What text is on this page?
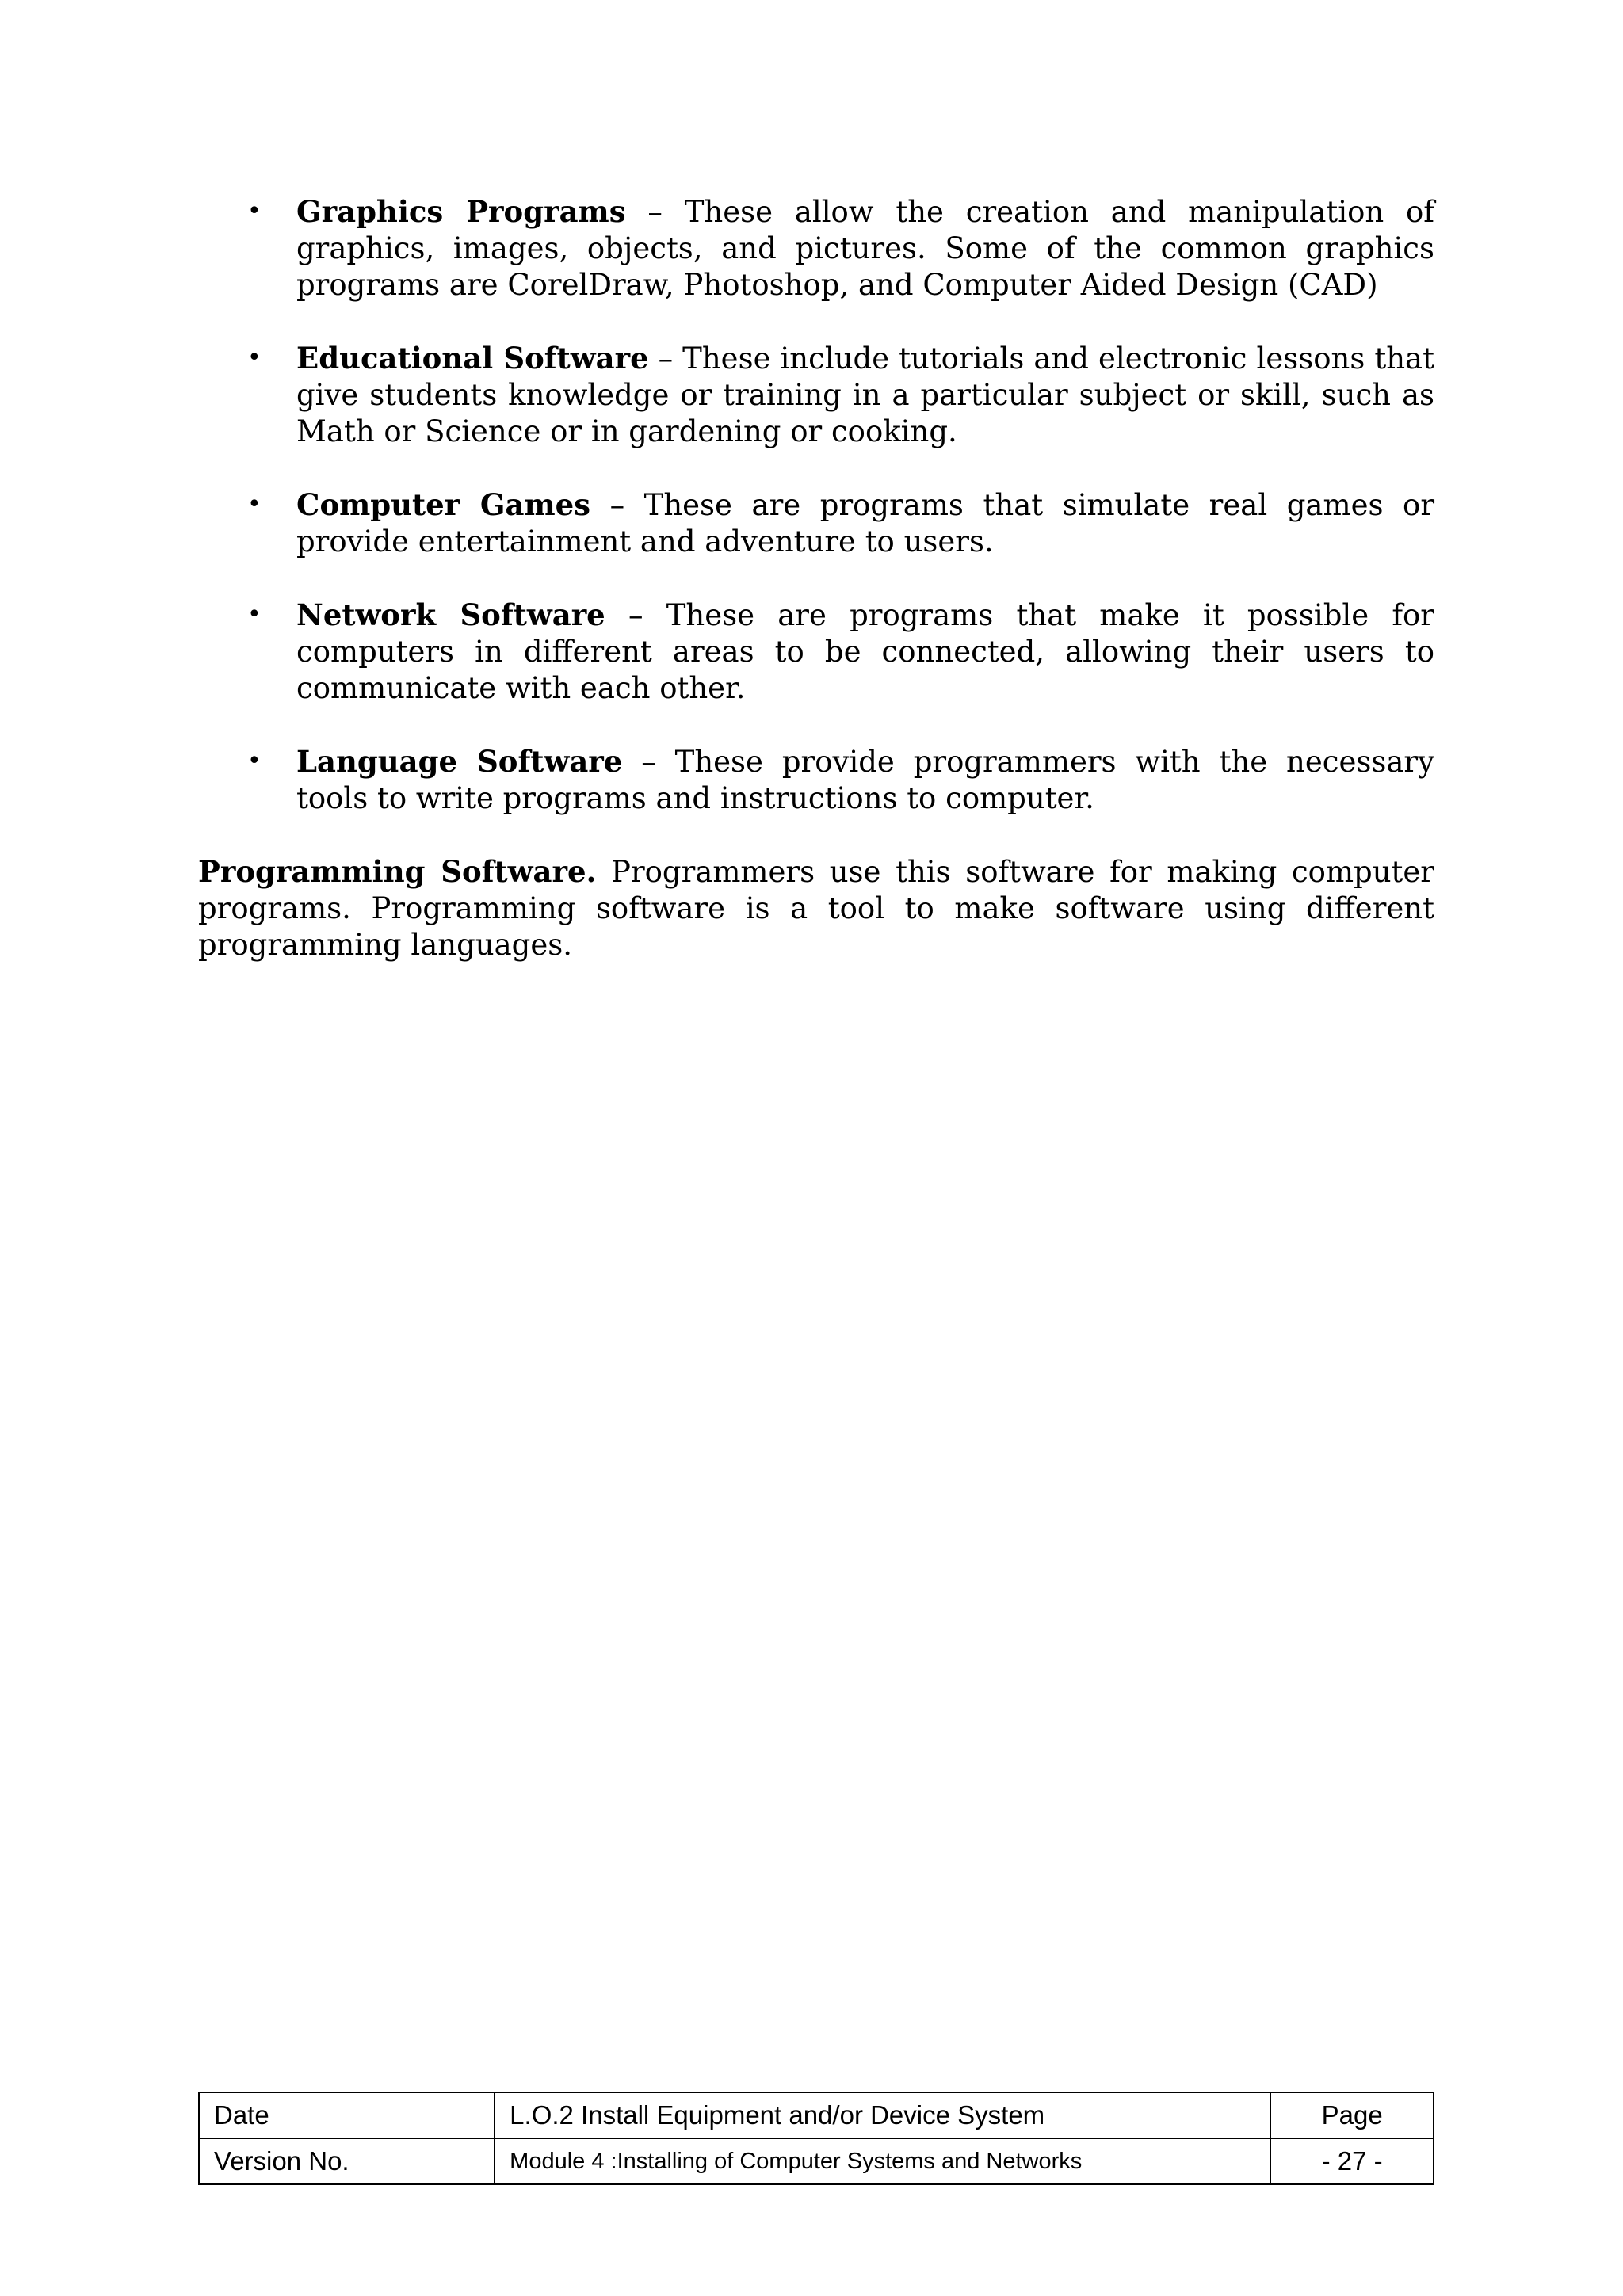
• Graphics Programs – These allow the creation and manipulation of graphics, images, objects, and pictures. Some of the common graphics programs are CorelDraw, Photoshop, and Computer Aided Design (CAD)
• Educational Software – These include tutorials and electronic lessons that give students knowledge or training in a particular subject or skill, such as Math or Science or in gardening or cooking.
• Computer Games – These are programs that simulate real games or provide entertainment and adventure to users.
• Network Software – These are programs that make it possible for computers in different areas to be connected, allowing their users to communicate with each other.
• Language Software – These provide programmers with the necessary tools to write programs and instructions to computer.

Programming Software. Programmers use this software for making computer programs. Programming software is a tool to make software using different programming languages.

Date	L.O.2 Install Equipment and/or Device System	Page
Version No.	Module 4 :Installing of Computer Systems and Networks	- 27 -
